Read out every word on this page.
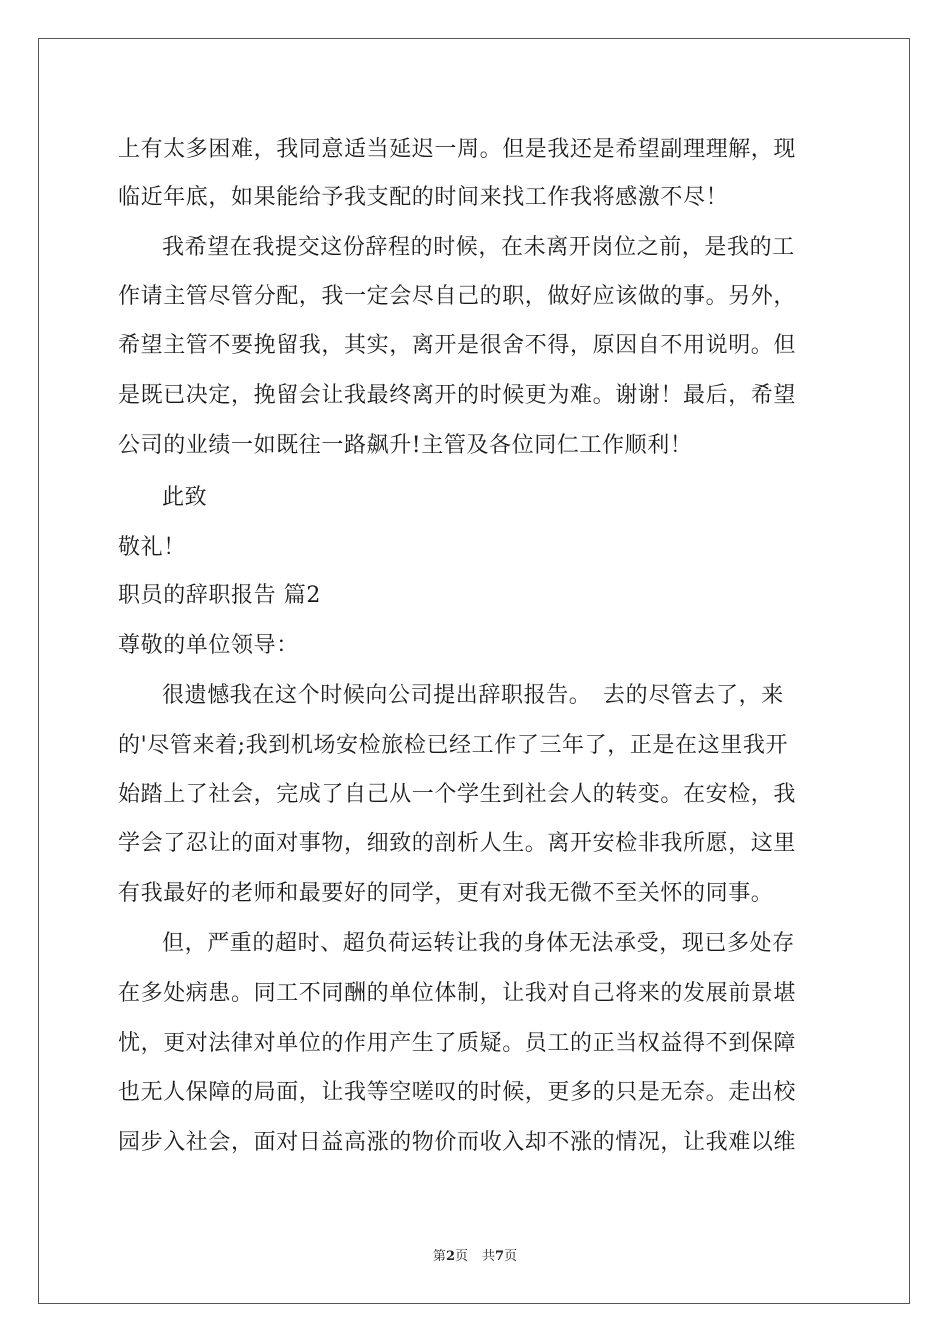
上有太多困难，我同意适当延迟一周。但是我还是希望副理理解，现
临近年底，如果能给予我支配的时间来找工作我将感激不尽！
我希望在我提交这份辞程的时候，在未离开岗位之前，是我的工
作请主管尽管分配，我一定会尽自己的职，做好应该做的事。另外，
希望主管不要挽留我，其实，离开是很舍不得，原因自不用说明。但
是既已决定，挽留会让我最终离开的时候更为难。谢谢！最后，希望
公司的业绩一如既往一路飙升!主管及各位同仁工作顺利！
此致
敬礼！
职员的辞职报告 篇2
尊敬的单位领导：
很遗憾我在这个时候向公司提出辞职报告。　去的尽管去了，来
的'尽管来着;我到机场安检旅检已经工作了三年了，正是在这里我开
始踏上了社会，完成了自己从一个学生到社会人的转变。在安检，我
学会了忍让的面对事物，细致的剖析人生。离开安检非我所愿，这里
有我最好的老师和最要好的同学，更有对我无微不至关怀的同事。
但，严重的超时、超负荷运转让我的身体无法承受，现已多处存
在多处病患。同工不同酬的单位体制，让我对自己将来的发展前景堪
忧，更对法律对单位的作用产生了质疑。员工的正当权益得不到保障
也无人保障的局面，让我等空嗟叹的时候，更多的只是无奈。走出校
园步入社会，面对日益高涨的物价而收入却不涨的情况，让我难以维
第2页 共7页
